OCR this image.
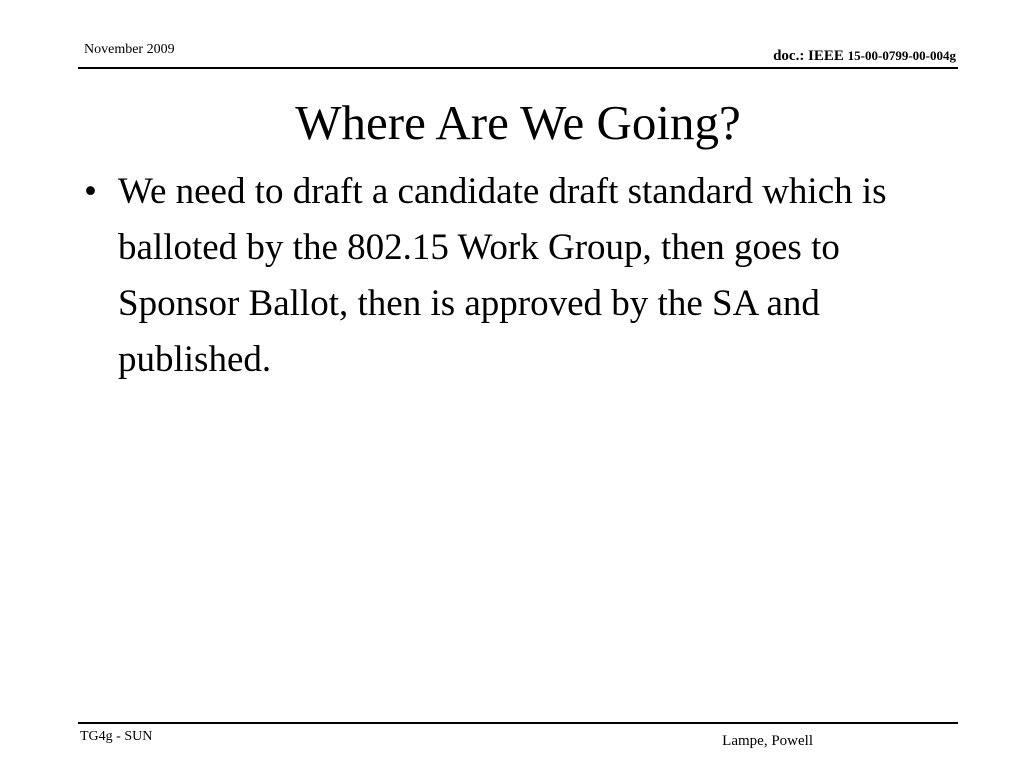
November 2009	doc.: IEEE 15-00-0799-00-004g
Where Are We Going?
• We need to draft a candidate draft standard which is balloted by the 802.15 Work Group, then goes to Sponsor Ballot, then is approved by the SA and published.
TG4g - SUN	Lampe, Powell
